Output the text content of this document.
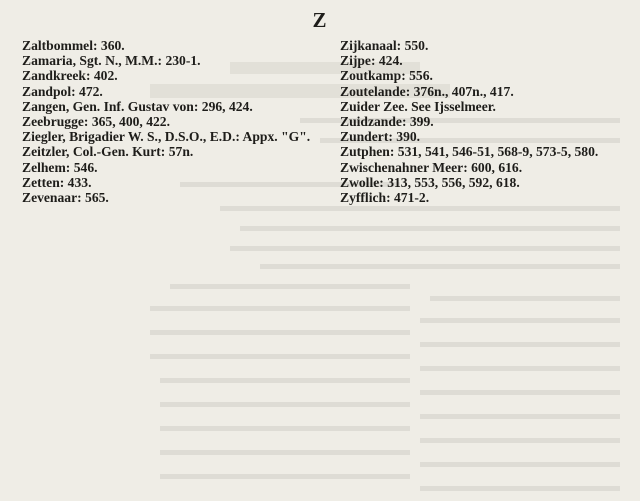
Z
Zaltbommel: 360.
Zamaria, Sgt. N., M.M.: 230-1.
Zandkreek: 402.
Zandpol: 472.
Zangen, Gen. Inf. Gustav von: 296, 424.
Zeebrugge: 365, 400, 422.
Ziegler, Brigadier W. S., D.S.O., E.D.: Appx. "G".
Zeitzler, Col.-Gen. Kurt: 57n.
Zelhem: 546.
Zetten: 433.
Zevenaar: 565.
Zijkanaal: 550.
Zijpe: 424.
Zoutkamp: 556.
Zoutelande: 376n., 407n., 417.
Zuider Zee. See Ijsselmeer.
Zuidzande: 399.
Zundert: 390.
Zutphen: 531, 541, 546-51, 568-9, 573-5, 580.
Zwischenahner Meer: 600, 616.
Zwolle: 313, 553, 556, 592, 618.
Zyfflich: 471-2.
